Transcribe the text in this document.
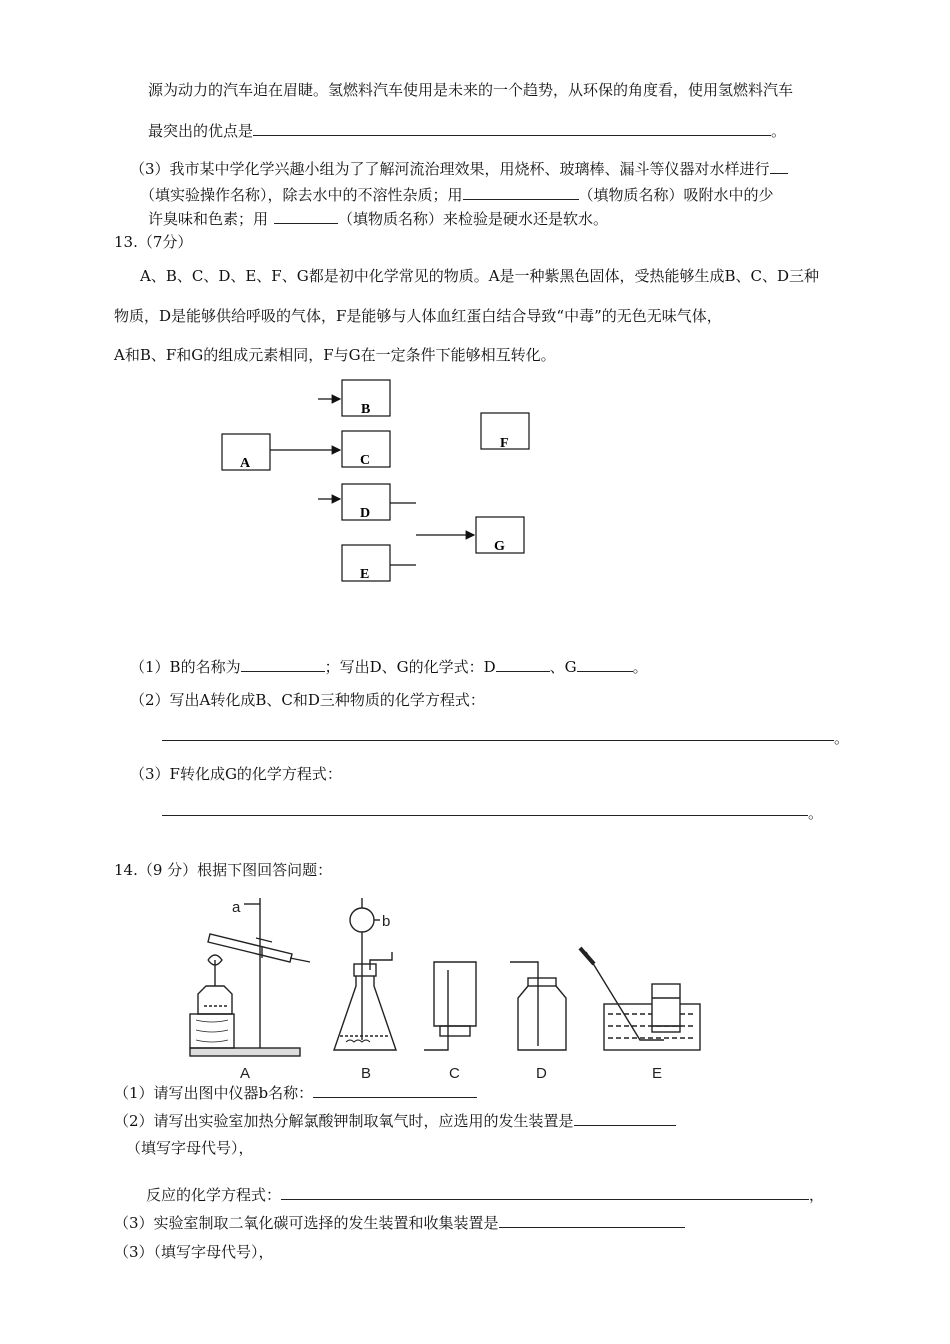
源为动力的汽车迫在眉睫。氢燃料汽车使用是未来的一个趋势，从环保的角度看，使用氢燃料汽车
最突出的优点是	。
（3）我市某中学化学兴趣小组为了了解河流治理效果，用烧杯、玻璃棒、漏斗等仪器对水样进行
（填实验操作名称），除去水中的不溶性杂质；用	（填物质名称）吸附水中的少
许臭味和色素；用	（填物质名称）来检验是硬水还是软水。
13.（7分）
A、B、C、D、E、F、G都是初中化学常见的物质。A是一种紫黑色固体，受热能够生成B、C、D三种
物质，D是能够供给呼吸的气体，F是能够与人体血红蛋白结合导致“中毒”的无色无味气体，
A和B、F和G的组成元素相同，F与G在一定条件下能够相互转化。
B
A	C
F
D
G
E
（1）B的名称为	；写出D、G的化学式：D	、G	。
（2）写出A转化成B、C和D三种物质的化学方程式：
。
（3）F转化成G的化学方程式：
。
14.（9 分）根据下图回答问题：
a
b
A	B	C	D	E
（1）请写出图中仪器b名称：
（2）请写出实验室加热分解氯酸钾制取氧气时，应选用的发生装置是
（填写字母代号），
反应的化学方程式：	，
（3）实验室制取二氧化碳可选择的发生装置和收集装置是
（3）（填写字母代号），
